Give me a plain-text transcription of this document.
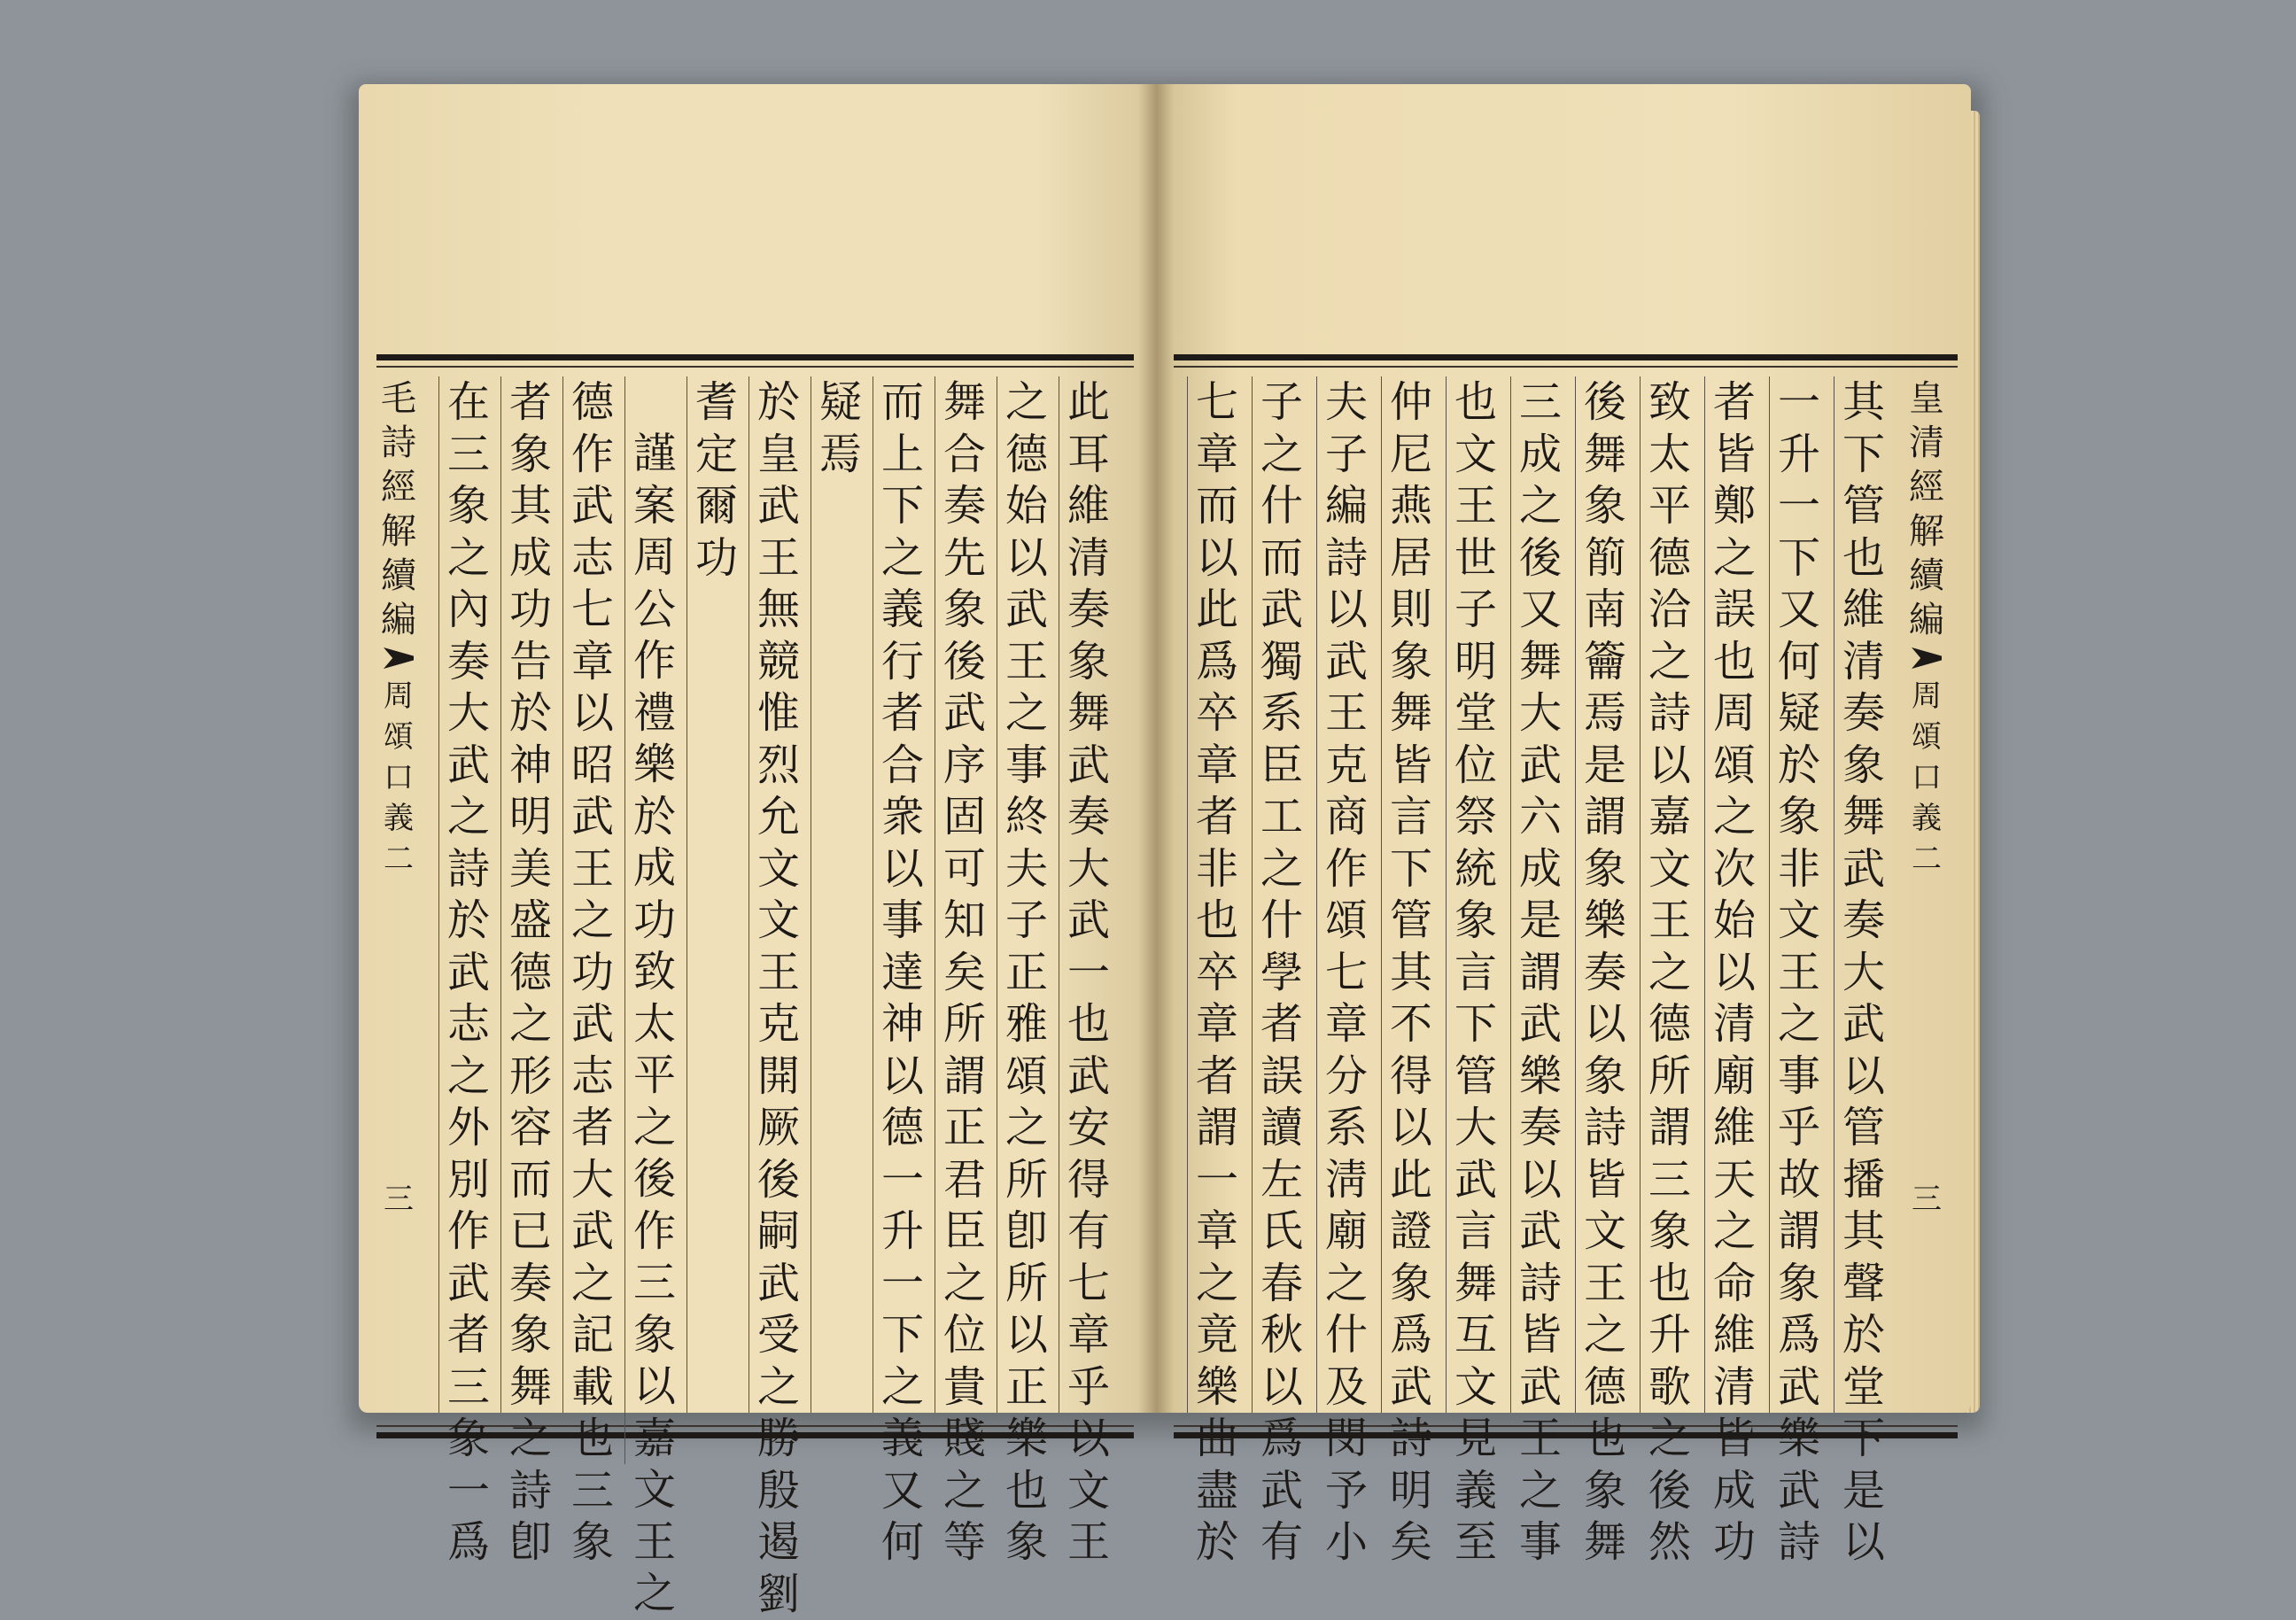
毛
詩
經
解
續
編
周
頌
口
義
二
三
此
耳
維
清
奏
象
舞
武
奏
大
武
一
也
武
安
得
有
七
章
乎
以
文
王
之
德
始
以
武
王
之
事
終
夫
子
正
雅
頌
之
所
卽
所
以
正
樂
也
象
舞
合
奏
先
象
後
武
序
固
可
知
矣
所
謂
正
君
臣
之
位
貴
賤
之
等
而
上
下
之
義
行
者
合
衆
以
事
達
神
以
德
一
升
一
下
之
義
又
何
疑
焉
於
皇
武
王
無
競
惟
烈
允
文
文
王
克
開
厥
後
嗣
武
受
之
勝
殷
遏
劉
耆
定
爾
功
謹
案
周
公
作
禮
樂
於
成
功
致
太
平
之
後
作
三
象
以
嘉
文
王
之
德
作
武
志
七
章
以
昭
武
王
之
功
武
志
者
大
武
之
記
載
也
三
象
者
象
其
成
功
告
於
神
明
美
盛
德
之
形
容
而
已
奏
象
舞
之
詩
卽
在
三
象
之
內
奏
大
武
之
詩
於
武
志
之
外
別
作
武
者
三
象
一
爲
其
下
管
也
維
清
奏
象
舞
武
奏
大
武
以
管
播
其
聲
於
堂
下
是
以
一
升
一
下
又
何
疑
於
象
非
文
王
之
事
乎
故
謂
象
爲
武
樂
武
詩
者
皆
鄭
之
誤
也
周
頌
之
次
始
以
清
廟
維
天
之
命
維
清
皆
成
功
致
太
平
德
洽
之
詩
以
嘉
文
王
之
德
所
謂
三
象
也
升
歌
之
後
然
後
舞
象
箾
南
籥
焉
是
謂
象
樂
奏
以
象
詩
皆
文
王
之
德
也
象
舞
三
成
之
後
又
舞
大
武
六
成
是
謂
武
樂
奏
以
武
詩
皆
武
王
之
事
也
文
王
世
子
明
堂
位
祭
統
象
言
下
管
大
武
言
舞
互
文
見
義
至
仲
尼
燕
居
則
象
舞
皆
言
下
管
其
不
得
以
此
證
象
爲
武
詩
明
矣
夫
子
編
詩
以
武
王
克
商
作
頌
七
章
分
系
淸
廟
之
什
及
閔
予
小
子
之
什
而
武
獨
系
臣
工
之
什
學
者
誤
讀
左
氏
春
秋
以
爲
武
有
七
章
而
以
此
爲
卒
章
者
非
也
卒
章
者
謂
一
章
之
竟
樂
曲
盡
於
皇
清
經
解
續
編
周
頌
口
義
二
三
